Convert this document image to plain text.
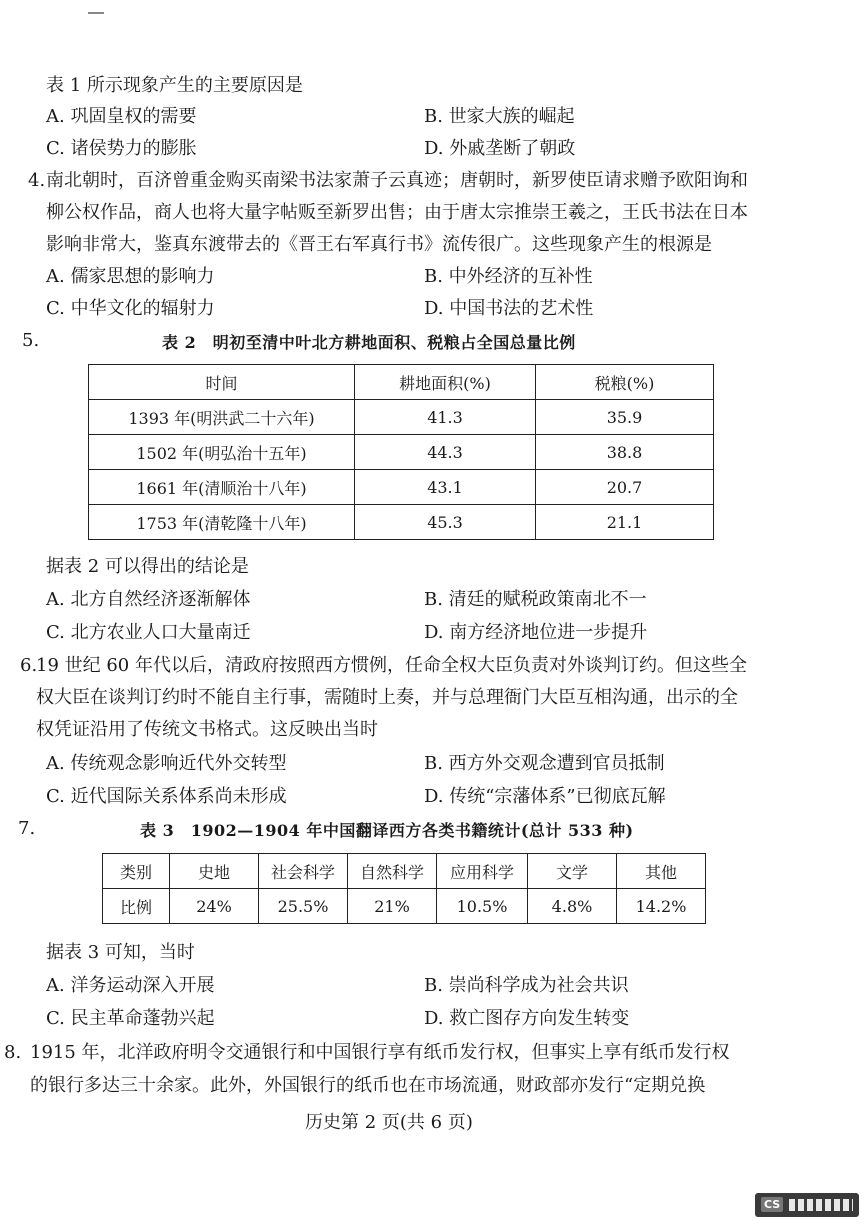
表 1 所示现象产生的主要原因是
A. 巩固皇权的需要	B. 世家大族的崛起
C. 诸侯势力的膨胀	D. 外戚垄断了朝政
4. 南北朝时，百济曾重金购买南梁书法家萧子云真迹；唐朝时，新罗使臣请求赠予欧阳询和
柳公权作品，商人也将大量字帖贩至新罗出售；由于唐太宗推崇王羲之，王氏书法在日本
影响非常大，鉴真东渡带去的《晋王右军真行书》流传很广。这些现象产生的根源是
A. 儒家思想的影响力	B. 中外经济的互补性
C. 中华文化的辐射力	D. 中国书法的艺术性
5.	表 2　明初至清中叶北方耕地面积、税粮占全国总量比例
时间	耕地面积(%)	税粮(%)
1393 年(明洪武二十六年)	41.3	35.9
1502 年(明弘治十五年)	44.3	38.8
1661 年(清顺治十八年)	43.1	20.7
1753 年(清乾隆十八年)	45.3	21.1
据表 2 可以得出的结论是
A. 北方自然经济逐渐解体	B. 清廷的赋税政策南北不一
C. 北方农业人口大量南迁	D. 南方经济地位进一步提升
6.
19 世纪 60 年代以后，清政府按照西方惯例，任命全权大臣负责对外谈判订约。但这些全
权大臣在谈判订约时不能自主行事，需随时上奏，并与总理衙门大臣互相沟通，出示的全
权凭证沿用了传统文书格式。这反映出当时
A. 传统观念影响近代外交转型	B. 西方外交观念遭到官员抵制
C. 近代国际关系体系尚未形成	D. 传统“宗藩体系”已彻底瓦解
7.	表 3　1902—1904 年中国翻译西方各类书籍统计(总计 533 种)
类别	史地	社会科学	自然科学	应用科学	文学	其他
比例	24%	25.5%	21%	10.5%	4.8%	14.2%
据表 3 可知，当时
A. 洋务运动深入开展	B. 崇尚科学成为社会共识
C. 民主革命蓬勃兴起	D. 救亡图存方向发生转变
8. 1915 年，北洋政府明令交通银行和中国银行享有纸币发行权，但事实上享有纸币发行权
的银行多达三十余家。此外，外国银行的纸币也在市场流通，财政部亦发行“定期兑换
历史第 2 页(共 6 页)
CS
